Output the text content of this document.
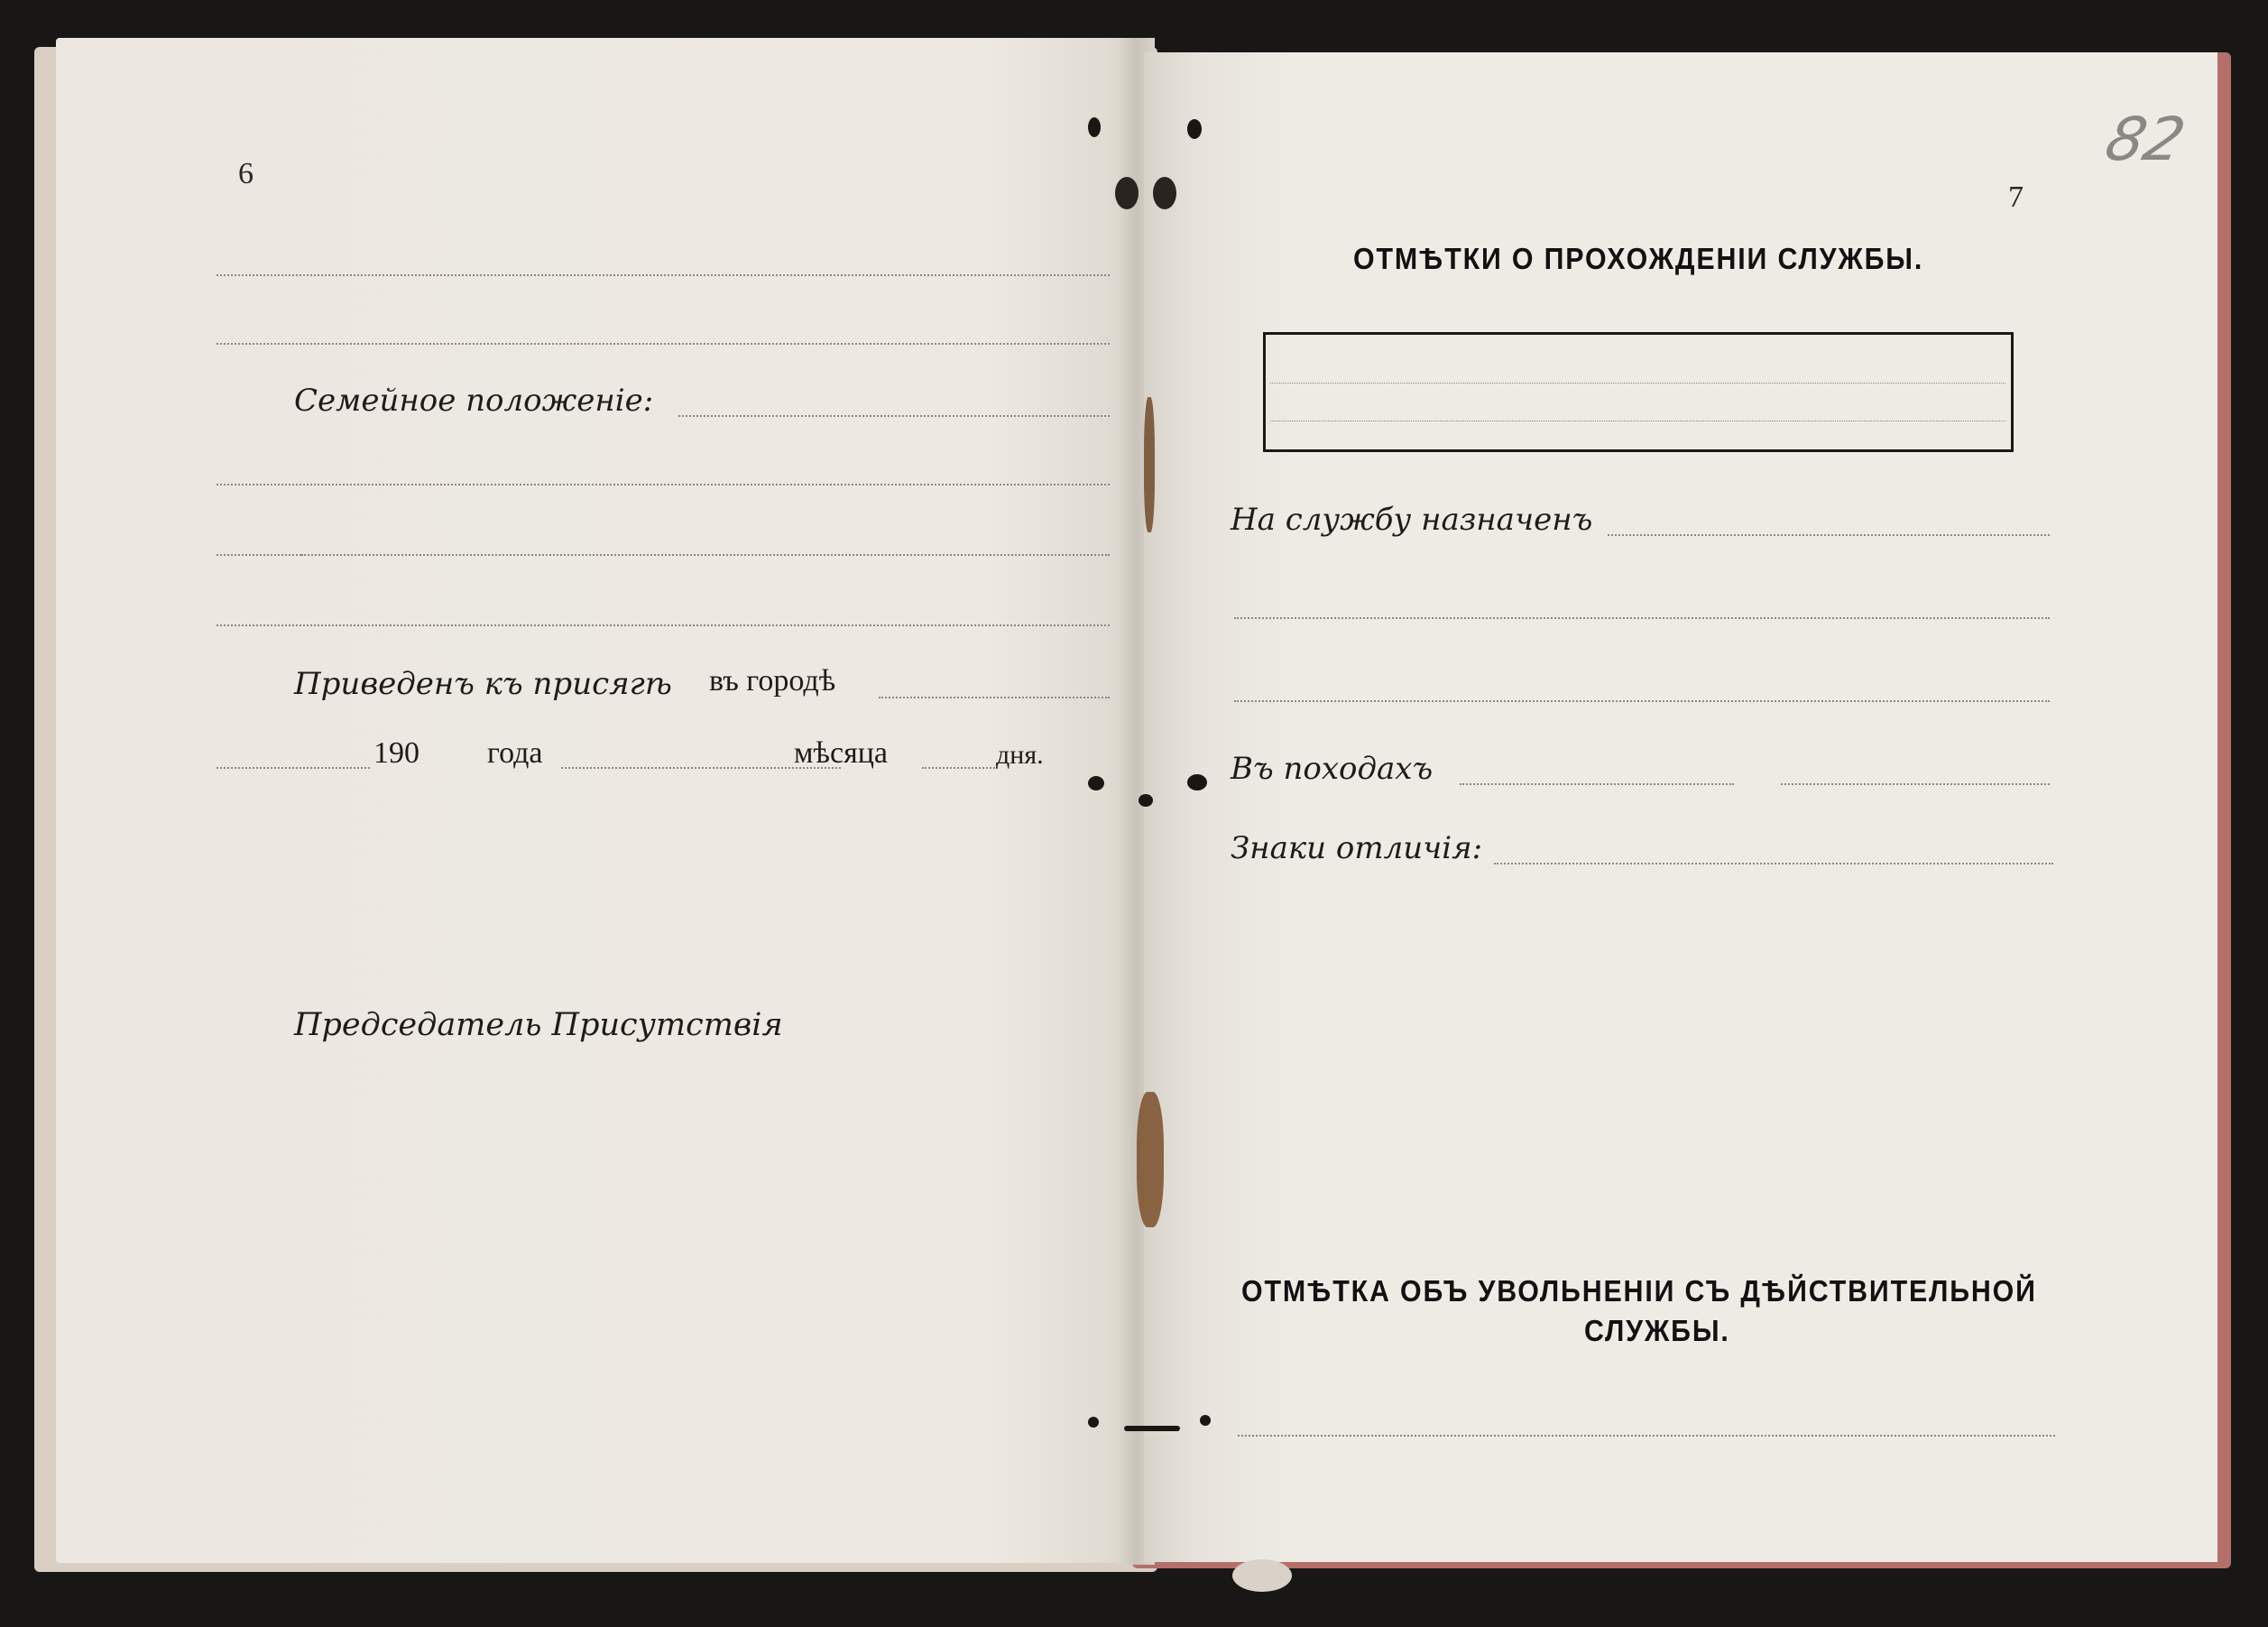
6
Семейное положенiе:
Приведенъ къ присягѣ въ городѣ
190 года	мѣсяца	дня.
Председатель Присутствiя
82
7
ОТМѢТКИ О ПРОХОЖДЕНIИ СЛУЖБЫ.
На службу назначенъ
Въ походахъ
Знаки отличiя:
ОТМѢТКА ОБЪ УВОЛЬНЕНIИ СЪ ДѢЙСТВИТЕЛЬНОЙ
СЛУЖБЫ.
